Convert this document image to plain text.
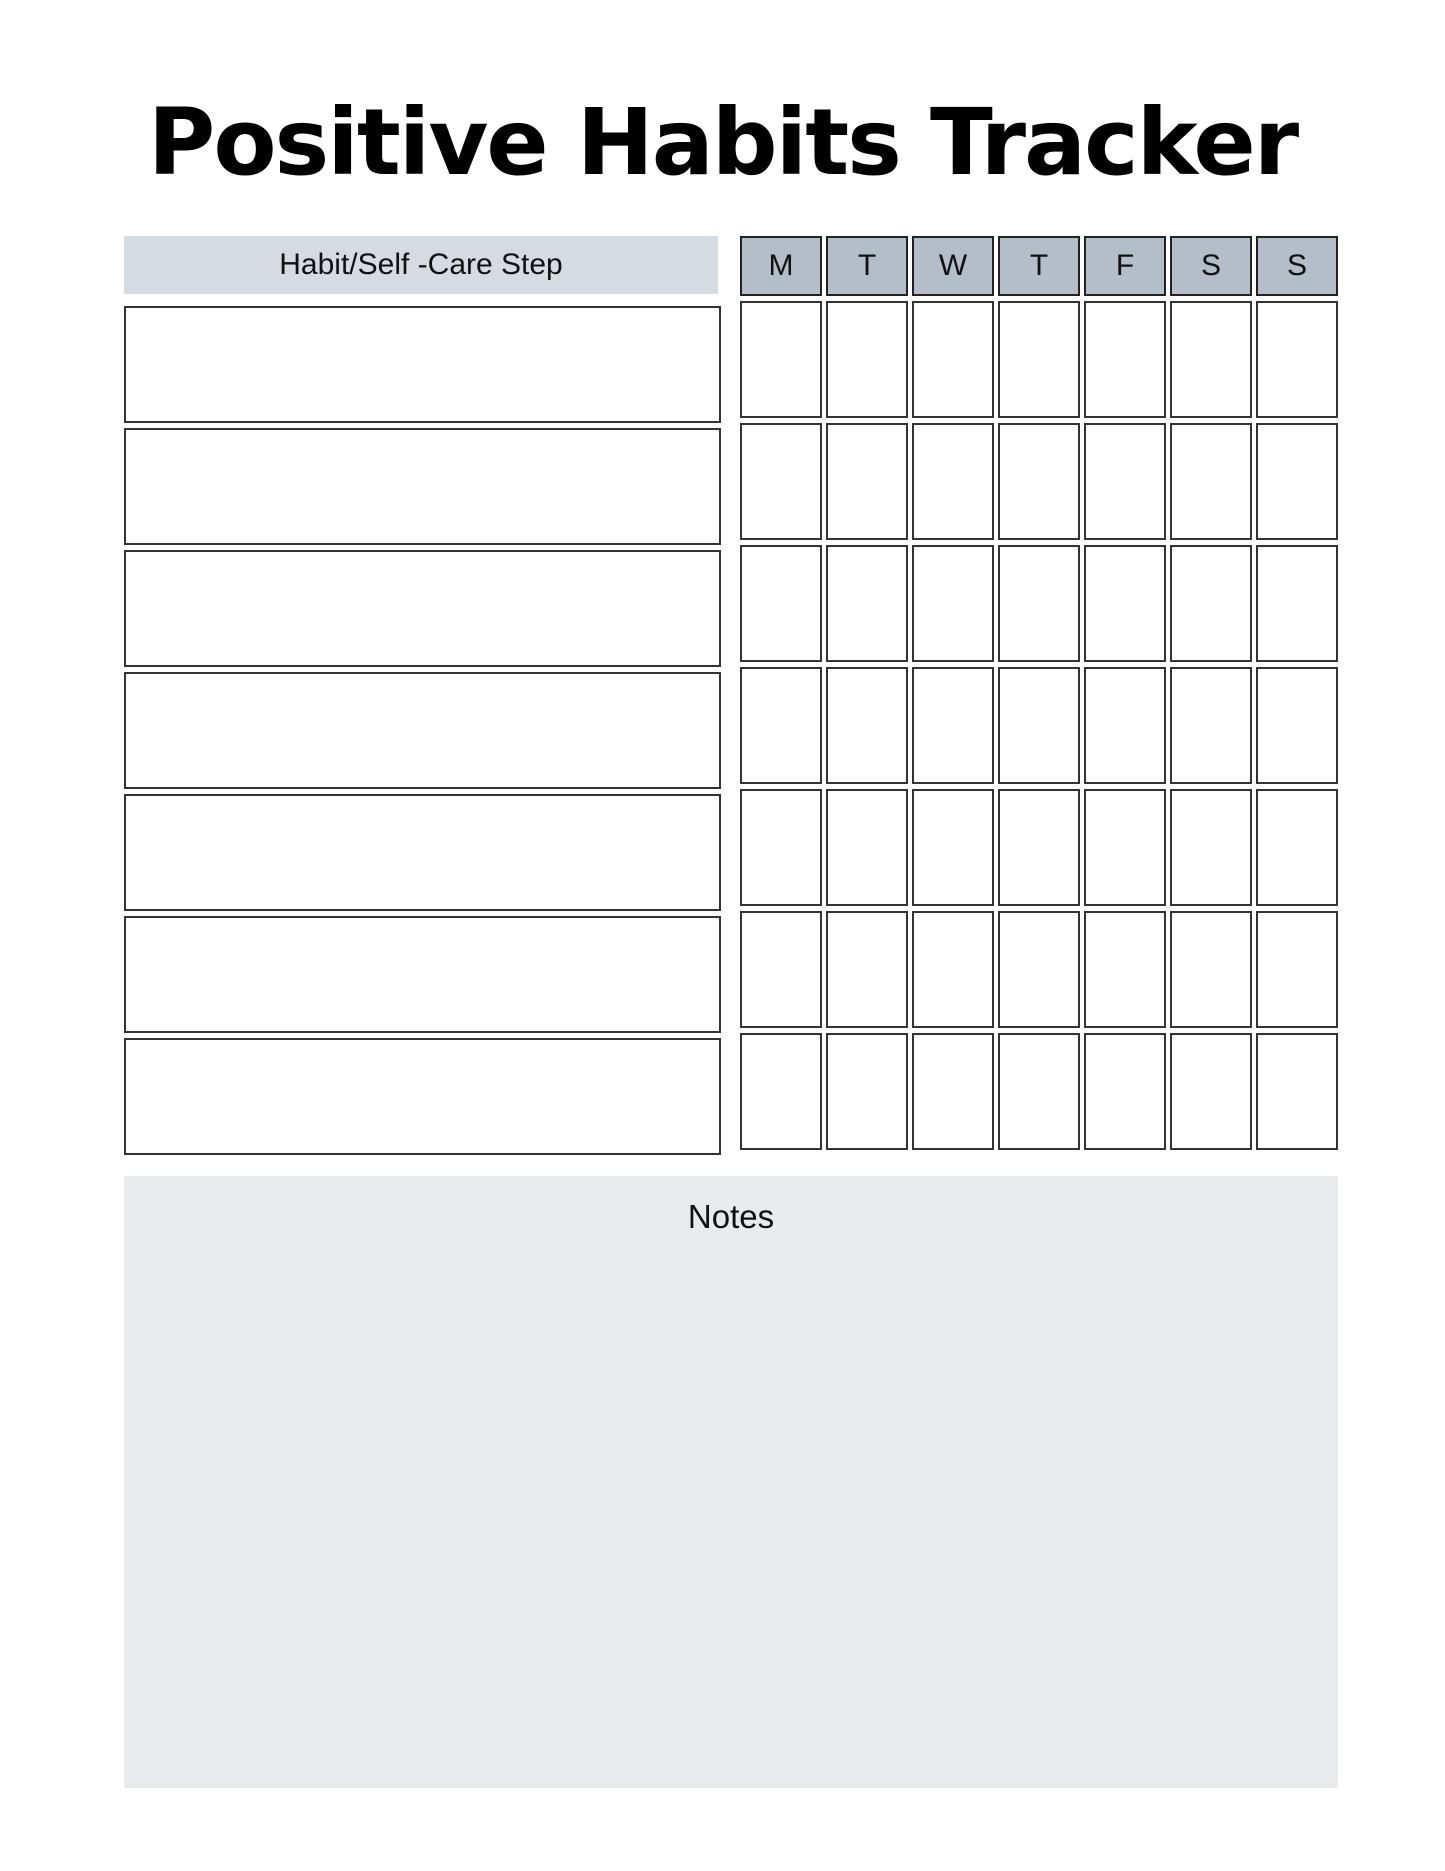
Positive Habits Tracker
Habit/Self -Care Step	M	T	W	T	F	S	S
Notes
